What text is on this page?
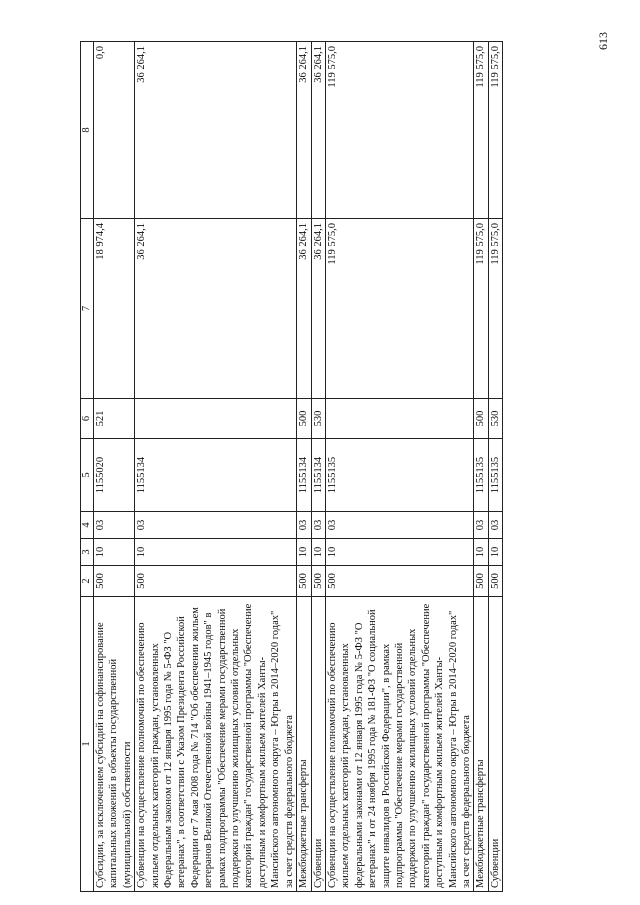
613
1	2	3	4	5	6	7	8

Субсидии, за исключением субсидий на софинансирование капитальных вложений в объекты государственной (муниципальной) собственности	500	10	03	1155020	521	18 974,4	0,0

Субвенции на осуществление полномочий по обеспечению жильем отдельных категорий граждан, установленных Федеральным законом от 12 января 1995 года № 5-ФЗ "О ветеранах", в соответствии с Указом Президента Российской Федерации от 7 мая 2008 года № 714 "Об обеспечении жильем ветеранов Великой Отечественной войны 1941–1945 годов" в рамках подпрограммы "Обеспечение мерами государственной поддержки по улучшению жилищных условий отдельных категорий граждан" государственной программы "Обеспечение доступным и комфортным жильем жителей Ханты-Мансийского автономного округа – Югры в 2014–2020 годах" за счет средств федерального бюджета	500	10	03	1155134		36 264,1	36 264,1

Межбюджетные трансферты	500	10	03	1155134	500	36 264,1	36 264,1

Субвенции	500	10	03	1155134	530	36 264,1	36 264,1

Субвенции на осуществление полномочий по обеспечению жильем отдельных категорий граждан, установленных федеральными законами от 12 января 1995 года № 5-ФЗ "О ветеранах" и от 24 ноября 1995 года № 181-ФЗ "О социальной защите инвалидов в Российской Федерации", в рамках подпрограммы "Обеспечение мерами государственной поддержки по улучшению жилищных условий отдельных категорий граждан" государственной программы "Обеспечение доступным и комфортным жильем жителей Ханты-Мансийского автономного округа – Югры в 2014–2020 годах" за счет средств федерального бюджета	500	10	03	1155135		119 575,0	119 575,0

Межбюджетные трансферты	500	10	03	1155135	500	119 575,0	119 575,0

Субвенции	500	10	03	1155135	530	119 575,0	119 575,0
